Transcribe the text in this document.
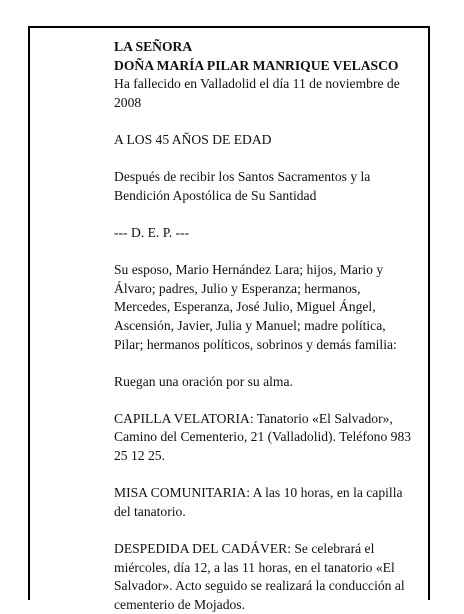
LA SEÑORA
DOÑA MARÍA PILAR MANRIQUE VELASCO
Ha fallecido en Valladolid el día 11 de noviembre de 2008
A LOS 45 AÑOS DE EDAD
Después de recibir los Santos Sacramentos y la Bendición Apostólica de Su Santidad
--- D. E. P. ---
Su esposo, Mario Hernández Lara; hijos, Mario y Álvaro; padres, Julio y Esperanza; hermanos, Mercedes, Esperanza, José Julio, Miguel Ángel, Ascensión, Javier, Julia y Manuel; madre política, Pilar; hermanos políticos, sobrinos y demás familia:
Ruegan una oración por su alma.
CAPILLA VELATORIA: Tanatorio «El Salvador», Camino del Cementerio, 21 (Valladolid). Teléfono 983 25 12 25.
MISA COMUNITARIA: A las 10 horas, en la capilla del tanatorio.
DESPEDIDA DEL CADÁVER: Se celebrará el miércoles, día 12, a las 11 horas, en el tanatorio «El Salvador». Acto seguido se realizará la conducción al cementerio de Mojados.
